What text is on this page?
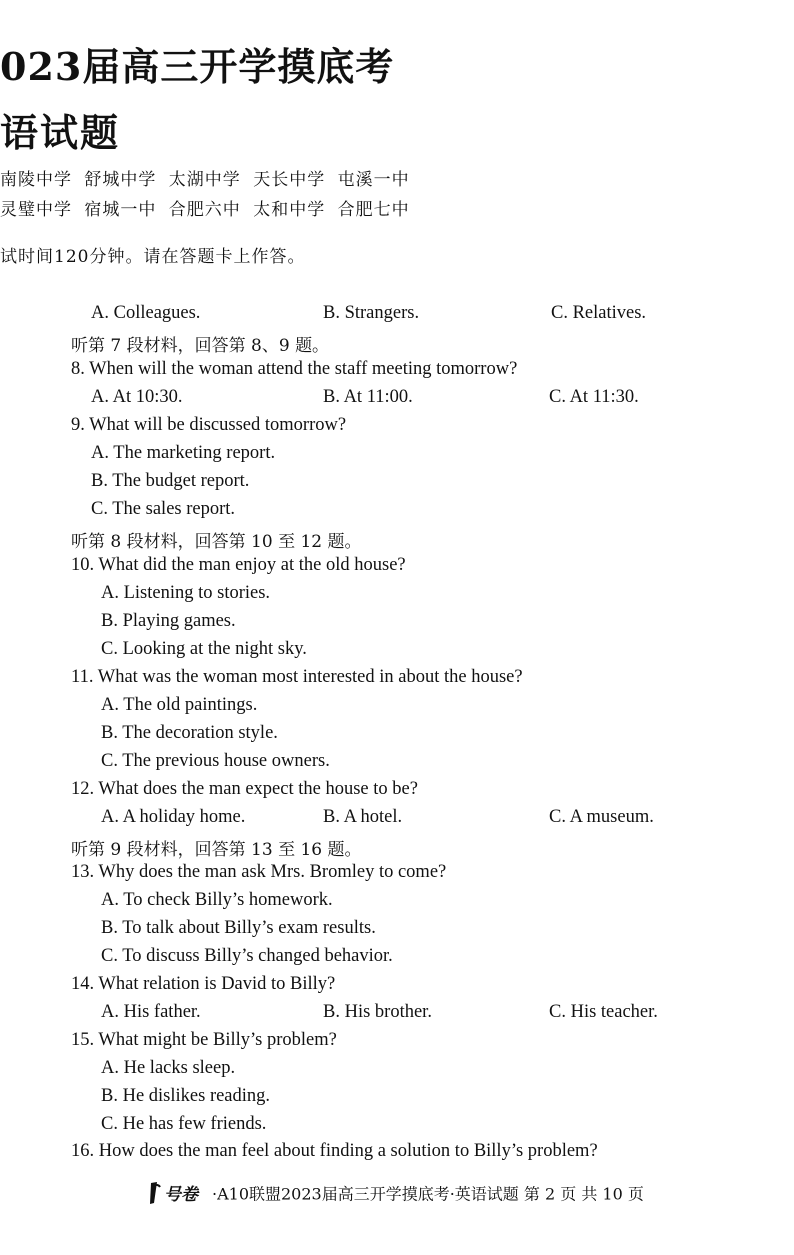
023届高三开学摸底考
语试题
南陵中学 舒城中学 太湖中学 天长中学 屯溪一中
灵璧中学 宿城一中 合肥六中 太和中学 合肥七中
试时间120分钟。请在答题卡上作答。
A. Colleagues.	B. Strangers.	C. Relatives.
听第 7 段材料，回答第 8、9 题。
8. When will the woman attend the staff meeting tomorrow?
A. At 10:30.	B. At 11:00.	C. At 11:30.
9. What will be discussed tomorrow?
A. The marketing report.
B. The budget report.
C. The sales report.
听第 8 段材料，回答第 10 至 12 题。
10. What did the man enjoy at the old house?
A. Listening to stories.
B. Playing games.
C. Looking at the night sky.
11. What was the woman most interested in about the house?
A. The old paintings.
B. The decoration style.
C. The previous house owners.
12. What does the man expect the house to be?
A. A holiday home.	B. A hotel.	C. A museum.
听第 9 段材料，回答第 13 至 16 题。
13. Why does the man ask Mrs. Bromley to come?
A. To check Billy’s homework.
B. To talk about Billy’s exam results.
C. To discuss Billy’s changed behavior.
14. What relation is David to Billy?
A. His father.	B. His brother.	C. His teacher.
15. What might be Billy’s problem?
A. He lacks sleep.
B. He dislikes reading.
C. He has few friends.
16. How does the man feel about finding a solution to Billy’s problem?
号卷 ·A10联盟2023届高三开学摸底考·英语试题 第 2 页 共 10 页
